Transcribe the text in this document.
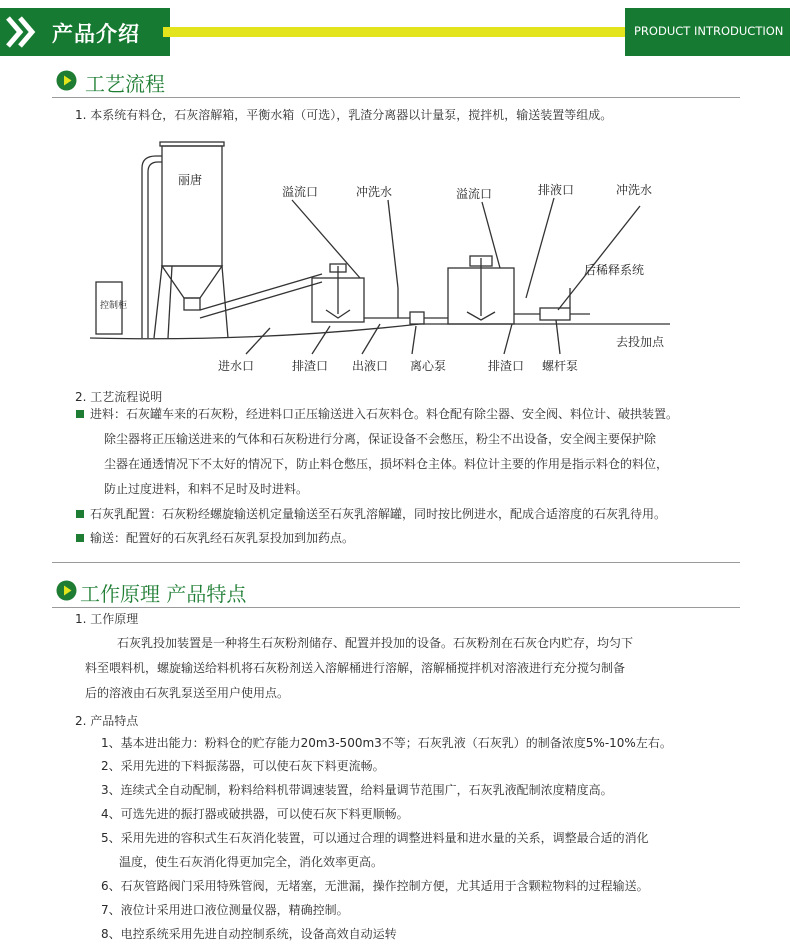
产品介绍	PRODUCT INTRODUCTION
工艺流程
1. 本系统有料仓，石灰溶解箱，平衡水箱（可选），乳渣分离器以计量泵，搅拌机，输送装置等组成。
丽唐
控制柜
溢流口	冲洗水	溢流口	排液口	冲洗水
后稀释系统
去投加点
进水口	排渣口 出液口 离心泵	排渣口 螺杆泵
2. 工艺流程说明
进料：石灰罐车来的石灰粉，经进料口正压输送进入石灰料仓。料仓配有除尘器、安全阀、料位计、破拱装置。
除尘器将正压输送进来的气体和石灰粉进行分离，保证设备不会憋压，粉尘不出设备，安全阀主要保护除
尘器在通透情况下不太好的情况下，防止料仓憋压，损坏料仓主体。料位计主要的作用是指示料仓的料位，
防止过度进料，和料不足时及时进料。
石灰乳配置：石灰粉经螺旋输送机定量输送至石灰乳溶解罐，同时按比例进水，配成合适溶度的石灰乳待用。
输送：配置好的石灰乳经石灰乳泵投加到加药点。
工作原理 产品特点
1. 工作原理
石灰乳投加装置是一种将生石灰粉剂储存、配置并投加的设备。石灰粉剂在石灰仓内贮存，均匀下
料至喂料机，螺旋输送给料机将石灰粉剂送入溶解桶进行溶解，溶解桶搅拌机对溶液进行充分搅匀制备
后的溶液由石灰乳泵送至用户使用点。
2. 产品特点
1、基本进出能力：粉料仓的贮存能力20m3-500m3不等；石灰乳液（石灰乳）的制备浓度5%-10%左右。
2、采用先进的下料振荡器，可以使石灰下料更流畅。
3、连续式全自动配制，粉料给料机带调速装置，给料量调节范围广，石灰乳液配制浓度精度高。
4、可选先进的振打器或破拱器，可以使石灰下料更顺畅。
5、采用先进的容积式生石灰消化装置，可以通过合理的调整进料量和进水量的关系，调整最合适的消化
温度，使生石灰消化得更加完全，消化效率更高。
6、石灰管路阀门采用特殊管阀，无堵塞，无泄漏，操作控制方便，尤其适用于含颗粒物料的过程输送。
7、液位计采用进口液位测量仪器，精确控制。
8、电控系统采用先进自动控制系统，设备高效自动运转
